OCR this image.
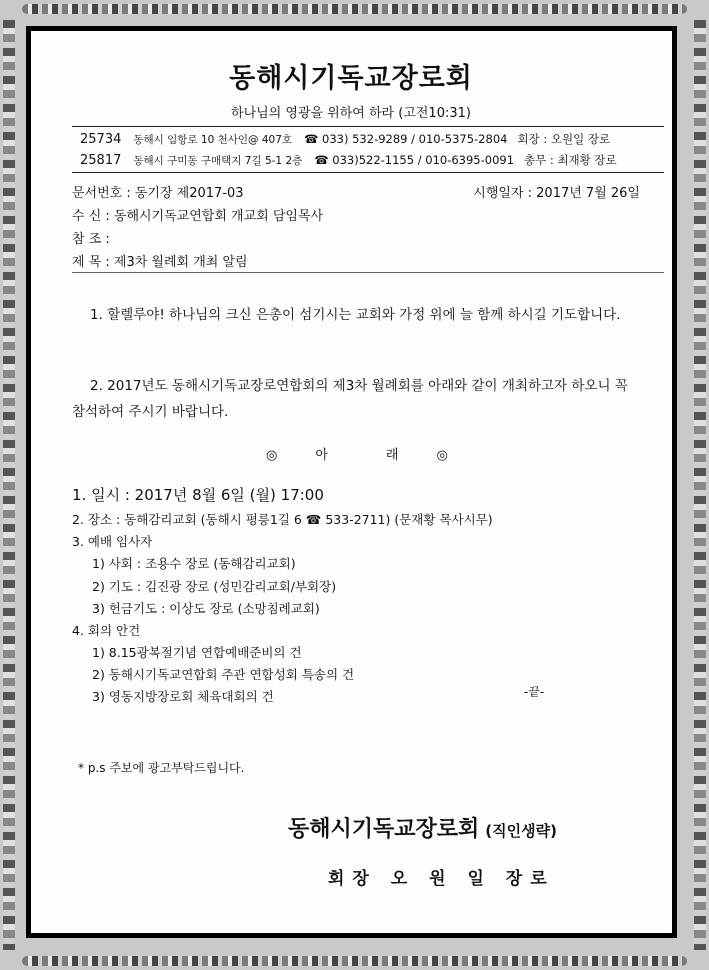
동해시기독교장로회
하나님의 영광을 위하여 하라 (고전10:31)
25734 동해시 임항로 10 천사인@ 407호 ☎ 033) 532-9289 / 010-5375-2804 회장 : 오원일 장로
25817 동해시 구미동 구매택지 7길 5-1 2층 ☎ 033)522-1155 / 010-6395-0091 총무 : 최재황 장로
문서번호 : 동기장 제2017-03	시행일자 : 2017년 7월 26일
수 신 : 동해시기독교연합회 개교회 담임목사
참 조 :
제 목 : 제3차 월례회 개최 알림
1. 할렐루야! 하나님의 크신 은총이 섬기시는 교회와 가정 위에 늘 함께 하시길 기도합니다.
2. 2017년도 동해시기독교장로연합회의 제3차 월례회를 아래와 같이 개최하고자 하오니 꼭 참석하여 주시기 바랍니다.
◎	아	래	◎
1. 일시 : 2017년 8월 6일 (월) 17:00
2. 장소 : 동해감리교회 (동해시 평릉1길 6 ☎ 533-2711) (문재황 목사시무)
3. 예배 임사자
1) 사회 : 조용수 장로 (동해감리교회)
2) 기도 : 김진광 장로 (성민감리교회/부회장)
3) 헌금기도 : 이상도 장로 (소망침례교회)
4. 회의 안건
1) 8.15광복절기념 연합예배준비의 건
2) 동해시기독교연합회 주관 연합성회 특송의 건
3) 영동지방장로회 체육대회의 건	-끝-
* p.s 주보에 광고부탁드립니다.
동해시기독교장로회 (직인생략)
회장 오 원 일 장로
